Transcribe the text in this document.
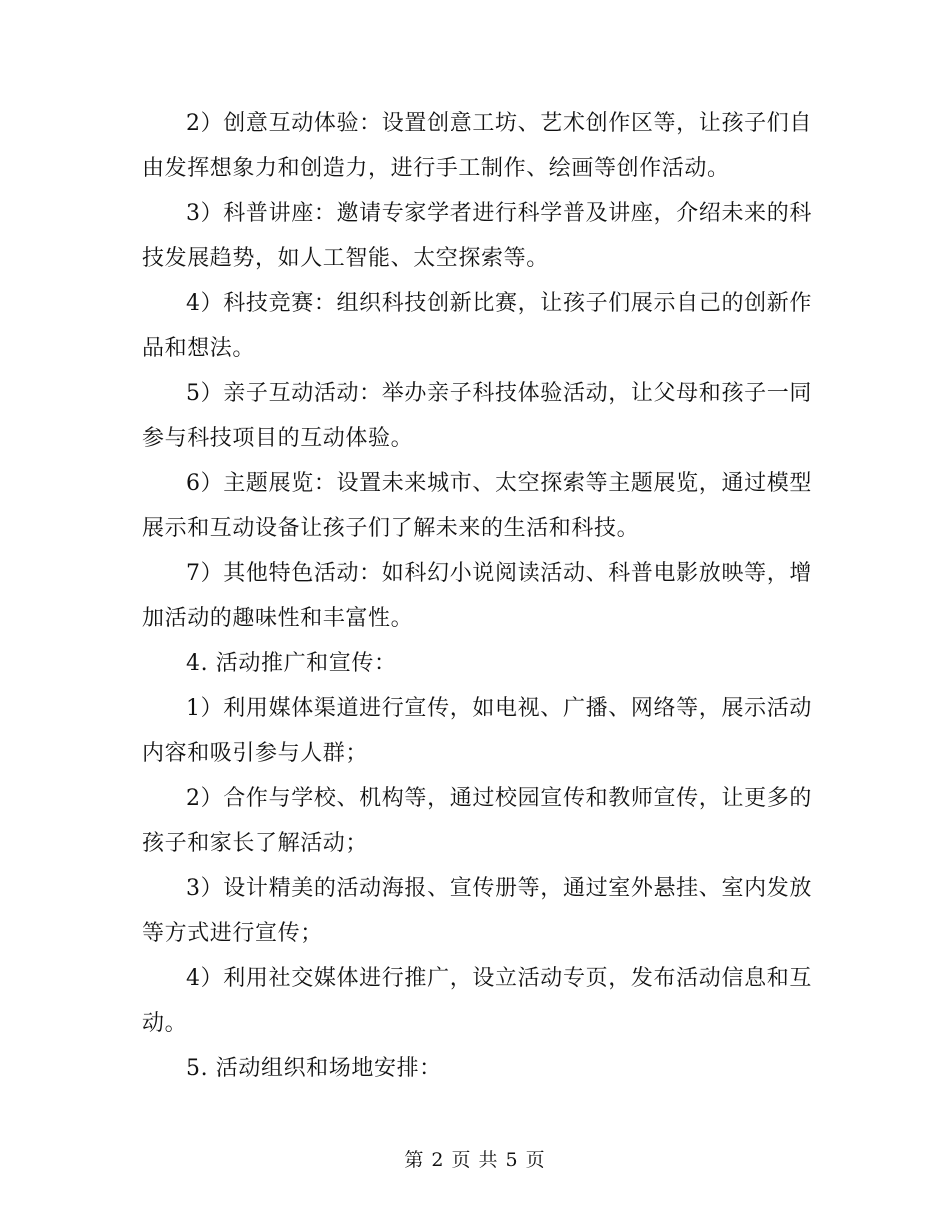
2）创意互动体验：设置创意工坊、艺术创作区等，让孩子们自由发挥想象力和创造力，进行手工制作、绘画等创作活动。

3）科普讲座：邀请专家学者进行科学普及讲座，介绍未来的科技发展趋势，如人工智能、太空探索等。

4）科技竞赛：组织科技创新比赛，让孩子们展示自己的创新作品和想法。

5）亲子互动活动：举办亲子科技体验活动，让父母和孩子一同参与科技项目的互动体验。

6）主题展览：设置未来城市、太空探索等主题展览，通过模型展示和互动设备让孩子们了解未来的生活和科技。

7）其他特色活动：如科幻小说阅读活动、科普电影放映等，增加活动的趣味性和丰富性。

4. 活动推广和宣传：

1）利用媒体渠道进行宣传，如电视、广播、网络等，展示活动内容和吸引参与人群；

2）合作与学校、机构等，通过校园宣传和教师宣传，让更多的孩子和家长了解活动；

3）设计精美的活动海报、宣传册等，通过室外悬挂、室内发放等方式进行宣传；

4）利用社交媒体进行推广，设立活动专页，发布活动信息和互动。

5. 活动组织和场地安排：

第 2 页 共 5 页
